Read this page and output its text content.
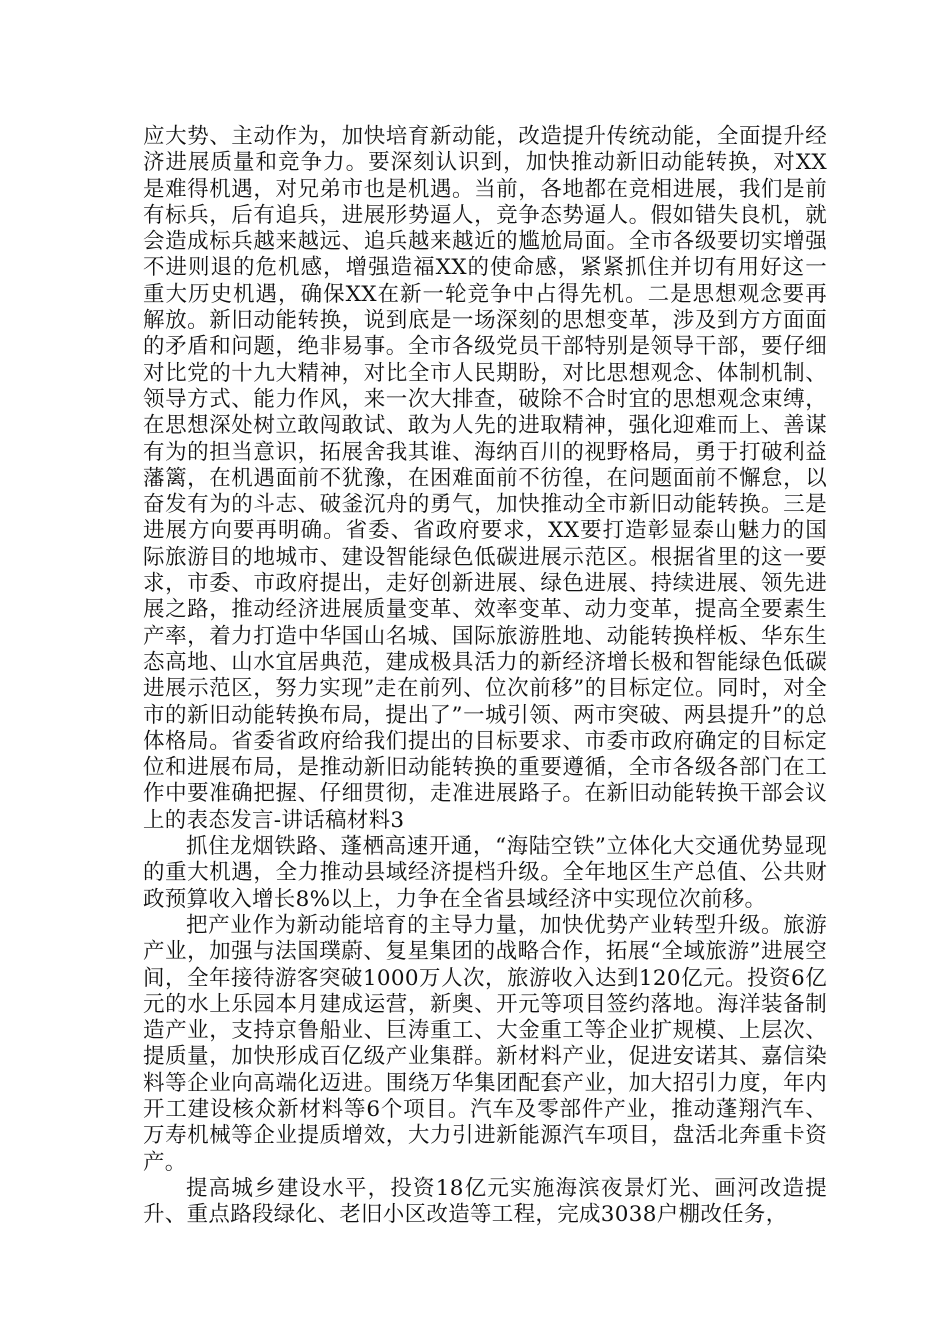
应大势、主动作为，加快培育新动能，改造提升传统动能，全面提升经济进展质量和竞争力。要深刻认识到，加快推动新旧动能转换，对XX是难得机遇，对兄弟市也是机遇。当前，各地都在竞相进展，我们是前有标兵，后有追兵，进展形势逼人，竞争态势逼人。假如错失良机，就会造成标兵越来越远、追兵越来越近的尴尬局面。全市各级要切实增强不进则退的危机感，增强造福XX的使命感，紧紧抓住并切有用好这一重大历史机遇，确保XX在新一轮竞争中占得先机。二是思想观念要再解放。新旧动能转换，说到底是一场深刻的思想变革，涉及到方方面面的矛盾和问题，绝非易事。全市各级党员干部特别是领导干部，要仔细对比党的十九大精神，对比全市人民期盼，对比思想观念、体制机制、领导方式、能力作风，来一次大排查，破除不合时宜的思想观念束缚，在思想深处树立敢闯敢试、敢为人先的进取精神，强化迎难而上、善谋有为的担当意识，拓展舍我其谁、海纳百川的视野格局，勇于打破利益藩篱，在机遇面前不犹豫，在困难面前不彷徨，在问题面前不懈怠，以奋发有为的斗志、破釜沉舟的勇气，加快推动全市新旧动能转换。三是进展方向要再明确。省委、省政府要求，XX要打造彰显泰山魅力的国际旅游目的地城市、建设智能绿色低碳进展示范区。根据省里的这一要求，市委、市政府提出，走好创新进展、绿色进展、持续进展、领先进展之路，推动经济进展质量变革、效率变革、动力变革，提高全要素生产率，着力打造中华国山名城、国际旅游胜地、动能转换样板、华东生态高地、山水宜居典范，建成极具活力的新经济增长极和智能绿色低碳进展示范区，努力实现”走在前列、位次前移”的目标定位。同时，对全市的新旧动能转换布局，提出了”一城引领、两市突破、两县提升”的总体格局。省委省政府给我们提出的目标要求、市委市政府确定的目标定位和进展布局，是推动新旧动能转换的重要遵循，全市各级各部门在工作中要准确把握、仔细贯彻，走准进展路子。在新旧动能转换干部会议上的表态发言-讲话稿材料3

抓住龙烟铁路、蓬栖高速开通，“海陆空铁”立体化大交通优势显现的重大机遇，全力推动县域经济提档升级。全年地区生产总值、公共财政预算收入增长8%以上，力争在全省县域经济中实现位次前移。

把产业作为新动能培育的主导力量，加快优势产业转型升级。旅游产业，加强与法国璞蔚、复星集团的战略合作，拓展“全域旅游”进展空间，全年接待游客突破1000万人次，旅游收入达到120亿元。投资6亿元的水上乐园本月建成运营，新奥、开元等项目签约落地。海洋装备制造产业，支持京鲁船业、巨涛重工、大金重工等企业扩规模、上层次、提质量，加快形成百亿级产业集群。新材料产业，促进安诺其、嘉信染料等企业向高端化迈进。围绕万华集团配套产业，加大招引力度，年内开工建设核众新材料等6个项目。汽车及零部件产业，推动蓬翔汽车、万寿机械等企业提质增效，大力引进新能源汽车项目，盘活北奔重卡资产。

提高城乡建设水平，投资18亿元实施海滨夜景灯光、画河改造提升、重点路段绿化、老旧小区改造等工程，完成3038户棚改任务，
